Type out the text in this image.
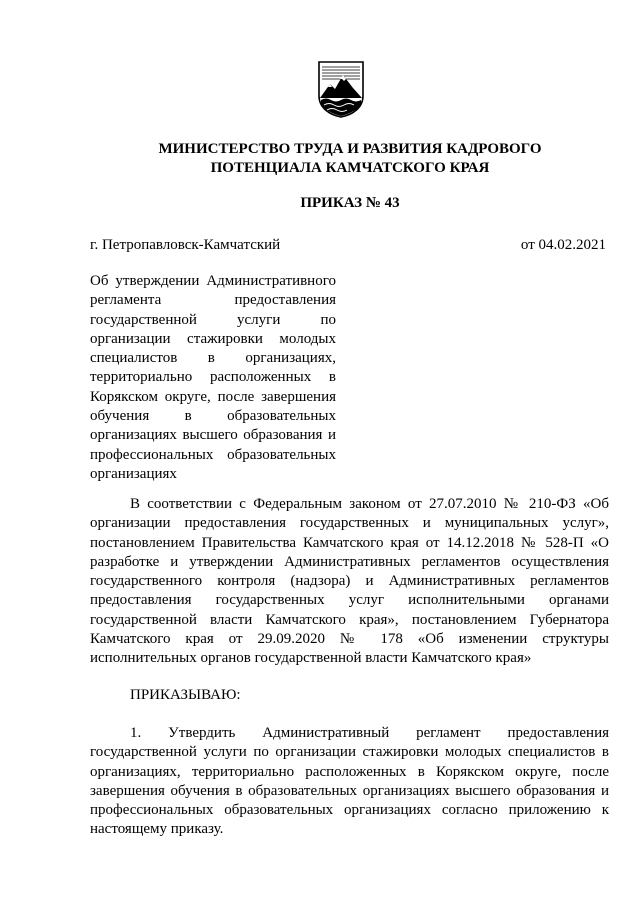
МИНИСТЕРСТВО ТРУДА И РАЗВИТИЯ КАДРОВОГО
ПОТЕНЦИАЛА КАМЧАТСКОГО КРАЯ
ПРИКАЗ № 43
г. Петропавловск-Камчатский	от 04.02.2021
Об утверждении Административного
регламента предоставления
государственной услуги по
организации стажировки молодых
специалистов в организациях,
территориально расположенных в
Корякском округе, после завершения
обучения в образовательных
организациях высшего образования и
профессиональных образовательных
организациях
В соответствии с Федеральным законом от 27.07.2010 № 210-ФЗ «Об
организации предоставления государственных и муниципальных услуг»,
постановлением Правительства Камчатского края от 14.12.2018 № 528-П «О
разработке и утверждении Административных регламентов осуществления
государственного контроля (надзора) и Административных регламентов
предоставления государственных услуг исполнительными органами
государственной власти Камчатского края», постановлением Губернатора
Камчатского края от 29.09.2020 № 178 «Об изменении структуры
исполнительных органов государственной власти Камчатского края»
ПРИКАЗЫВАЮ:
1. Утвердить Административный регламент предоставления
государственной услуги по организации стажировки молодых специалистов в
организациях, территориально расположенных в Корякском округе, после
завершения обучения в образовательных организациях высшего образования и
профессиональных образовательных организациях согласно приложению к
настоящему приказу.
